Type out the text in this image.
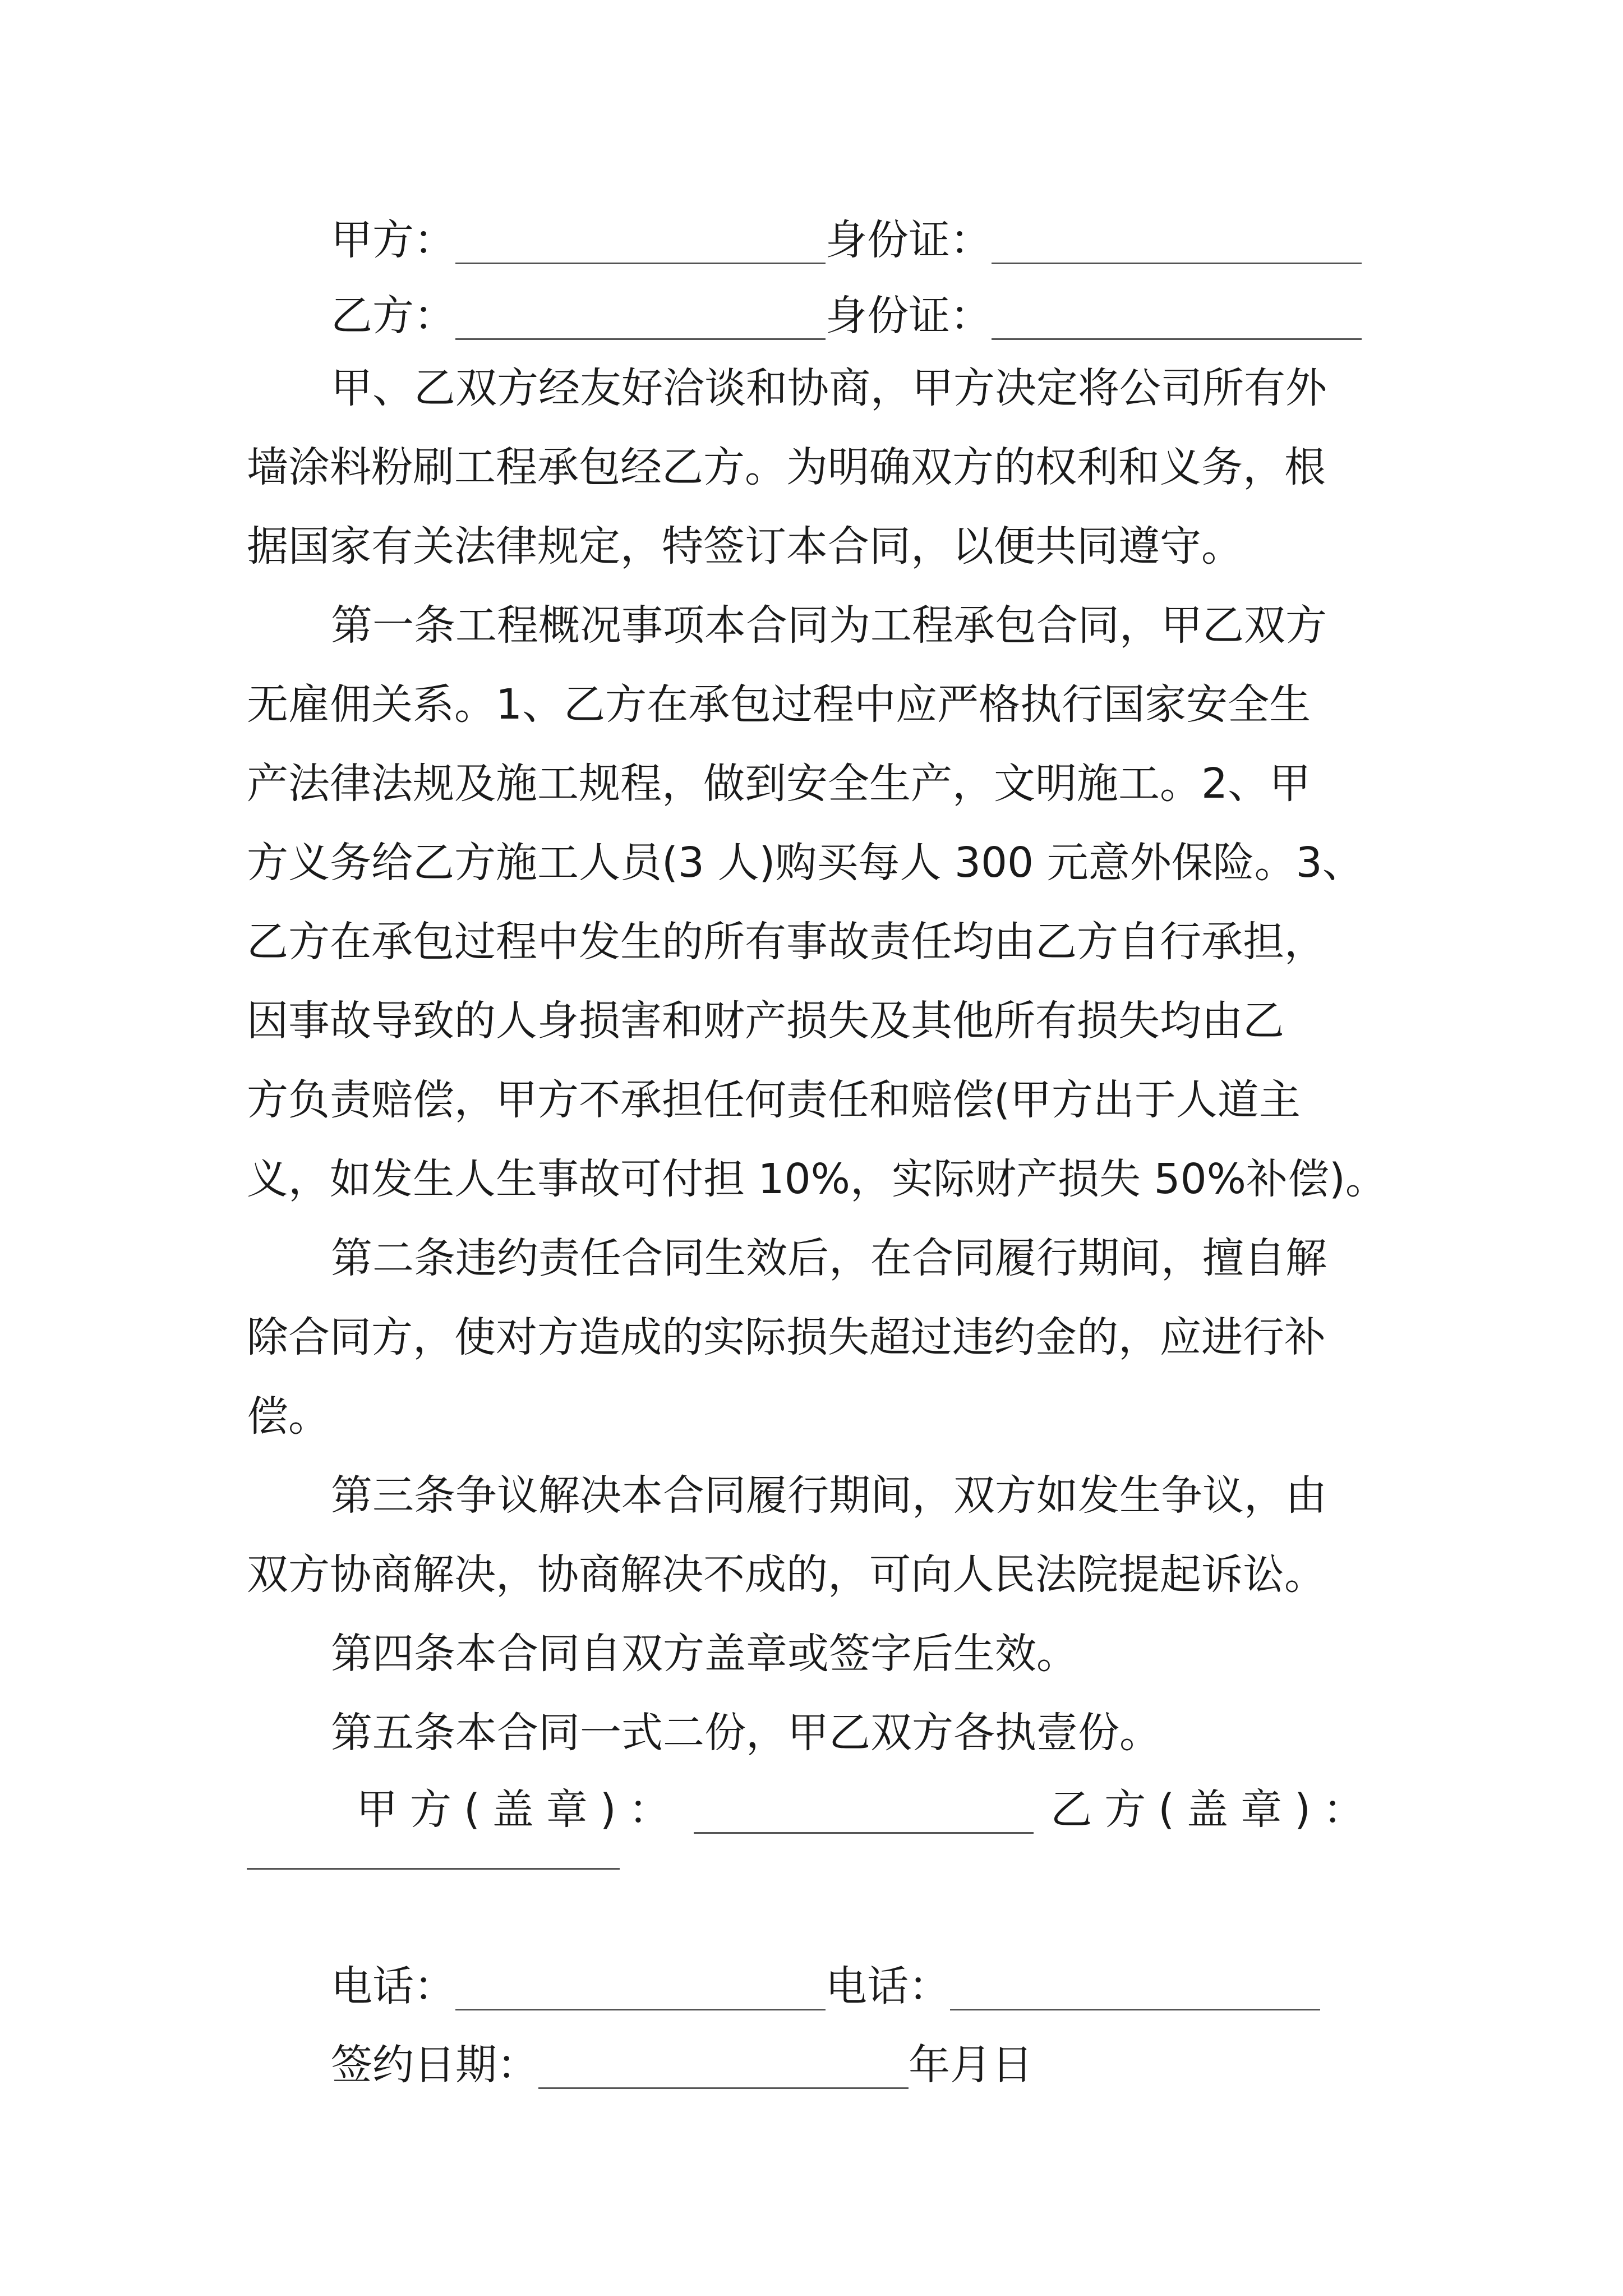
甲方：	身份证：
乙方：	身份证：
甲、乙双方经友好洽谈和协商，甲方决定将公司所有外
墙涂料粉刷工程承包经乙方。为明确双方的权利和义务，根
据国家有关法律规定，特签订本合同，以便共同遵守。
第一条工程概况事项本合同为工程承包合同，甲乙双方
无雇佣关系。1、乙方在承包过程中应严格执行国家安全生
产法律法规及施工规程，做到安全生产，文明施工。2、甲
方义务给乙方施工人员(3 人)购买每人 300 元意外保险。3、
乙方在承包过程中发生的所有事故责任均由乙方自行承担，
因事故导致的人身损害和财产损失及其他所有损失均由乙
方负责赔偿，甲方不承担任何责任和赔偿(甲方出于人道主
义，如发生人生事故可付担 10%，实际财产损失 50%补偿)。
第二条违约责任合同生效后，在合同履行期间，擅自解
除合同方，使对方造成的实际损失超过违约金的，应进行补
偿。
第三条争议解决本合同履行期间，双方如发生争议，由
双方协商解决，协商解决不成的，可向人民法院提起诉讼。
第四条本合同自双方盖章或签字后生效。
第五条本合同一式二份，甲乙双方各执壹份。
甲方(盖章)：	乙方(盖章)：
电话：	电话：
签约日期：	年月日
